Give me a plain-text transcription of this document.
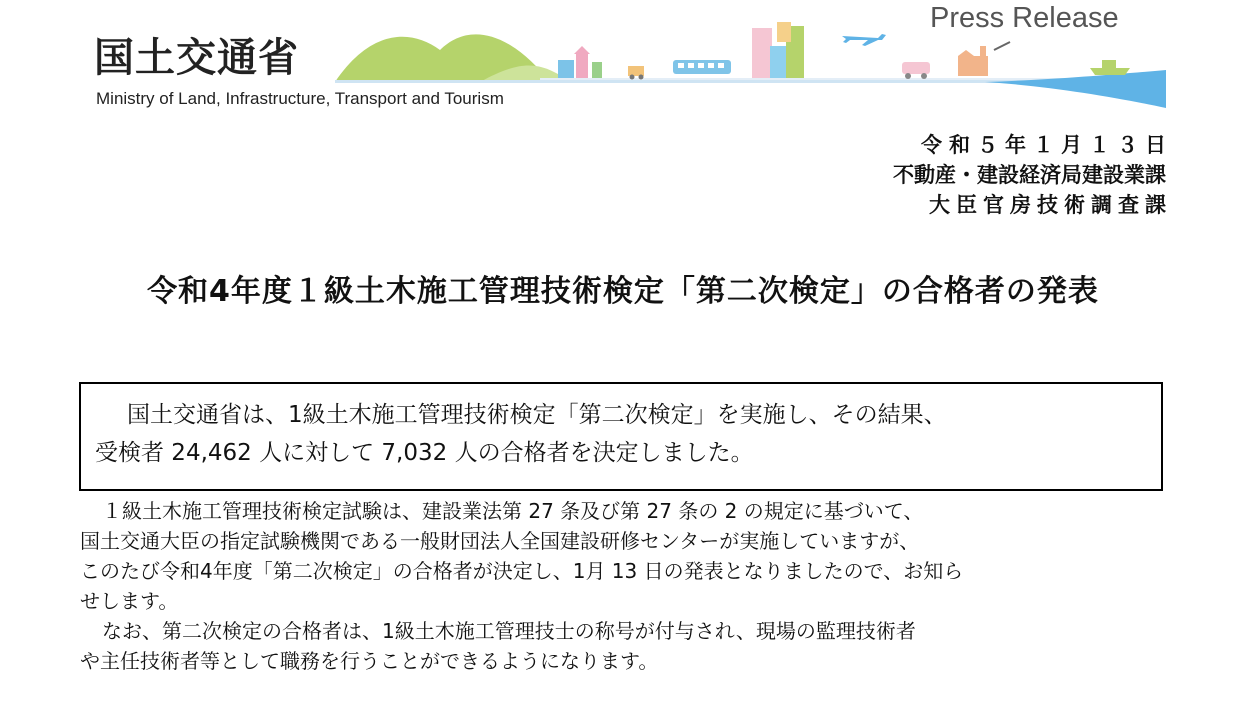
国土交通省
Ministry of Land, Infrastructure, Transport and Tourism
Press Release
令和５年１月１３日
不動産・建設経済局建設業課
大臣官房技術調査課
令和4年度１級土木施工管理技術検定「第二次検定」の合格者の発表

国土交通省は、1級土木施工管理技術検定「第二次検定」を実施し、その結果、

受検者 24,462 人に対して 7,032 人の合格者を決定しました。

１級土木施工管理技術検定試験は、建設業法第 27 条及び第 27 条の 2 の規定に基づいて、

国土交通大臣の指定試験機関である一般財団法人全国建設研修センターが実施していますが、

このたび令和4年度「第二次検定」の合格者が決定し、1月 13 日の発表となりましたので、お知ら

せします。

なお、第二次検定の合格者は、1級土木施工管理技士の称号が付与され、現場の監理技術者

や主任技術者等として職務を行うことができるようになります。
